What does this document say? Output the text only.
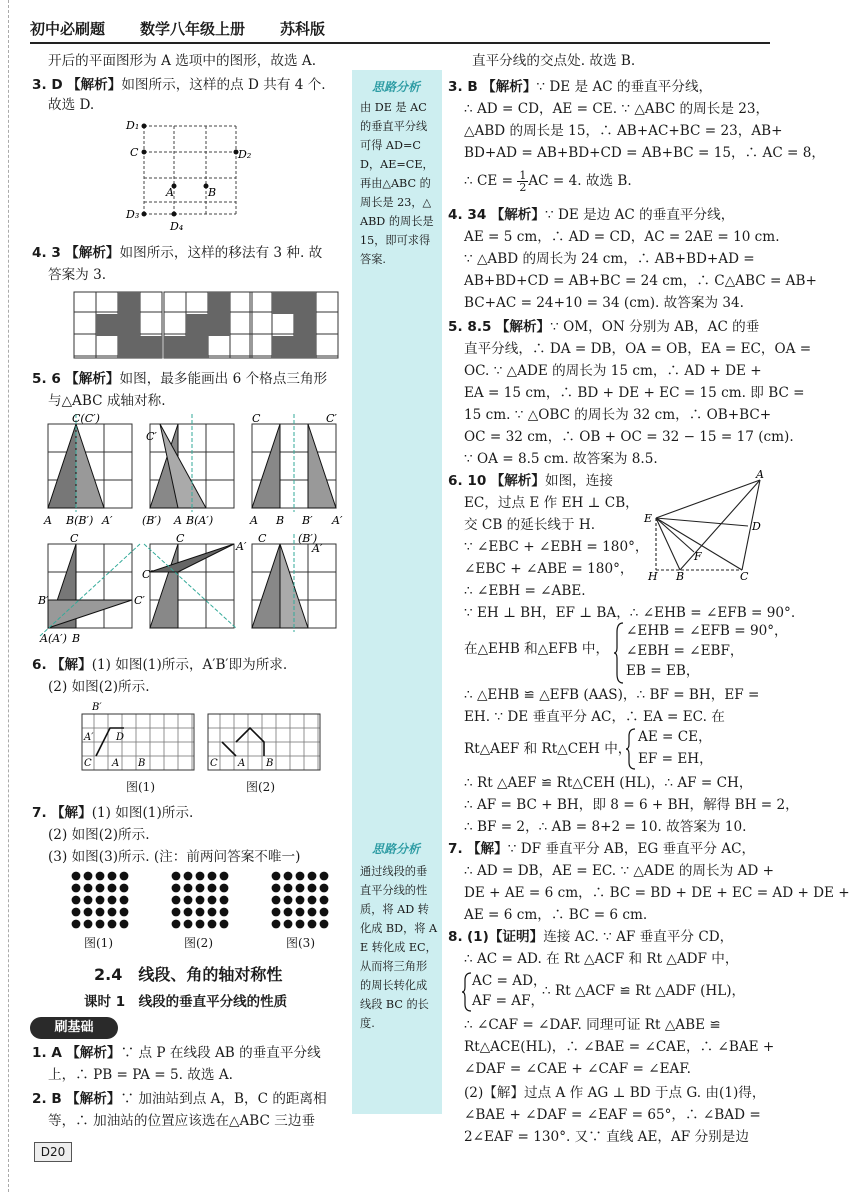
初中必刷题 数学八年级上册 苏科版
开后的平面图形为 A 选项中的图形，故选 A.
3. D 【解析】如图所示，这样的点 D 共有 4 个.
故选 D.
D₁
C	D₂
D₃
D₄
A	B
4. 3 【解析】如图所示，这样的移法有 3 种. 故
答案为 3.
5. 6 【解析】如图，最多能画出 6 个格点三角形
与△ABC 成轴对称.
C(C′)
A B(B′) A′
C′
(B′) A B(A′)
C	C′
A B B′ A′
C
B′
A(A′) B
C′
C
A′
C′
C	(B′)
A′
6. 【解】(1) 如图(1)所示，A′B′即为所求.
(2) 如图(2)所示.
B′
A′ D
C A B	C A B
图(1)	图(2)
7. 【解】(1) 如图(1)所示.
(2) 如图(2)所示.
(3) 如图(3)所示. (注：前两问答案不唯一)
图(1)	图(2)	图(3)
2.4　线段、角的轴对称性
课时 1　线段的垂直平分线的性质
刷基础
1. A 【解析】∵ 点 P 在线段 AB 的垂直平分线
上，∴ PB = PA = 5. 故选 A.
2. B 【解析】∵ 加油站到点 A，B，C 的距离相
等，∴ 加油站的位置应该选在△ABC 三边垂
D20
思路分析
由 DE 是 AC 的垂直平分线可得 AD=CD，AE=CE，再由△ABC 的周长是 23，△ABD 的周长是 15，即可求得答案.
思路分析
通过线段的垂直平分线的性质，将 AD 转化成 BD，将 AE 转化成 EC，从而将三角形的周长转化成线段 BC 的长度.
直平分线的交点处. 故选 B.
3. B 【解析】∵ DE 是 AC 的垂直平分线，
∴ AD = CD，AE = CE. ∵ △ABC 的周长是 23，
△ABD 的周长是 15，∴ AB+AC+BC = 23，AB+
BD+AD = AB+BD+CD = AB+BC = 15，∴ AC = 8，
∴ CE = $\frac{1}{2}$ AC = 4. 故选 B.
4. 34 【解析】∵ DE 是边 AC 的垂直平分线，
AE = 5 cm，∴ AD = CD，AC = 2AE = 10 cm.
∵ △ABD 的周长为 24 cm，∴ AB+BD+AD =
AB+BD+CD = AB+BC = 24 cm，∴ C△ABC = AB+
BC+AC = 24+10 = 34 (cm). 故答案为 34.
5. 8.5 【解析】∵ OM，ON 分别为 AB，AC 的垂
直平分线，∴ DA = DB，OA = OB，EA = EC，OA =
OC. ∵ △ADE 的周长为 15 cm，∴ AD + DE +
EA = 15 cm，∴ BD + DE + EC = 15 cm. 即 BC =
15 cm. ∵ △OBC 的周长为 32 cm，∴ OB+BC+
OC = 32 cm，∴ OB + OC = 32 − 15 = 17 (cm).
∵ OA = 8.5 cm. 故答案为 8.5.
6. 10 【解析】如图，连接
EC，过点 E 作 EH ⊥ CB，
交 CB 的延长线于 H.
∵ ∠EBC + ∠EBH = 180°，
∠EBC + ∠ABE = 180°，
∴ ∠EBH = ∠ABE.
A
E
D
F
H B	C
∵ EH ⊥ BH，EF ⊥ BA，∴ ∠EHB = ∠EFB = 90°.
在△EHB 和△EFB 中，
∠EHB = ∠EFB = 90°，
∠EBH = ∠EBF，
EB = EB，
∴ △EHB ≌ △EFB (AAS)，∴ BF = BH，EF =
EH. ∵ DE 垂直平分 AC，∴ EA = EC. 在
Rt△AEF 和 Rt△CEH 中，
AE = CE，
EF = EH，
∴ Rt △AEF ≌ Rt△CEH (HL)，∴ AF = CH，
∴ AF = BC + BH，即 8 = 6 + BH，解得 BH = 2，
∴ BF = 2，∴ AB = 8+2 = 10. 故答案为 10.
7. 【解】∵ DF 垂直平分 AB，EG 垂直平分 AC，
∴ AD = DB，AE = EC. ∵ △ADE 的周长为 AD +
DE + AE = 6 cm，∴ BC = BD + DE + EC = AD + DE +
AE = 6 cm，∴ BC = 6 cm.
8. (1)【证明】连接 AC. ∵ AF 垂直平分 CD，
∴ AC = AD. 在 Rt △ACF 和 Rt △ADF 中，
AC = AD，
AF = AF，
∴ Rt △ACF ≌ Rt △ADF (HL)，
∴ ∠CAF = ∠DAF. 同理可证 Rt △ABE ≌
Rt△ACE(HL)，∴ ∠BAE = ∠CAE，∴ ∠BAE +
∠DAF = ∠CAE + ∠CAF = ∠EAF.
(2)【解】过点 A 作 AG ⊥ BD 于点 G. 由(1)得，
∠BAE + ∠DAF = ∠EAF = 65°，∴ ∠BAD =
2∠EAF = 130°. 又∵ 直线 AE，AF 分别是边
